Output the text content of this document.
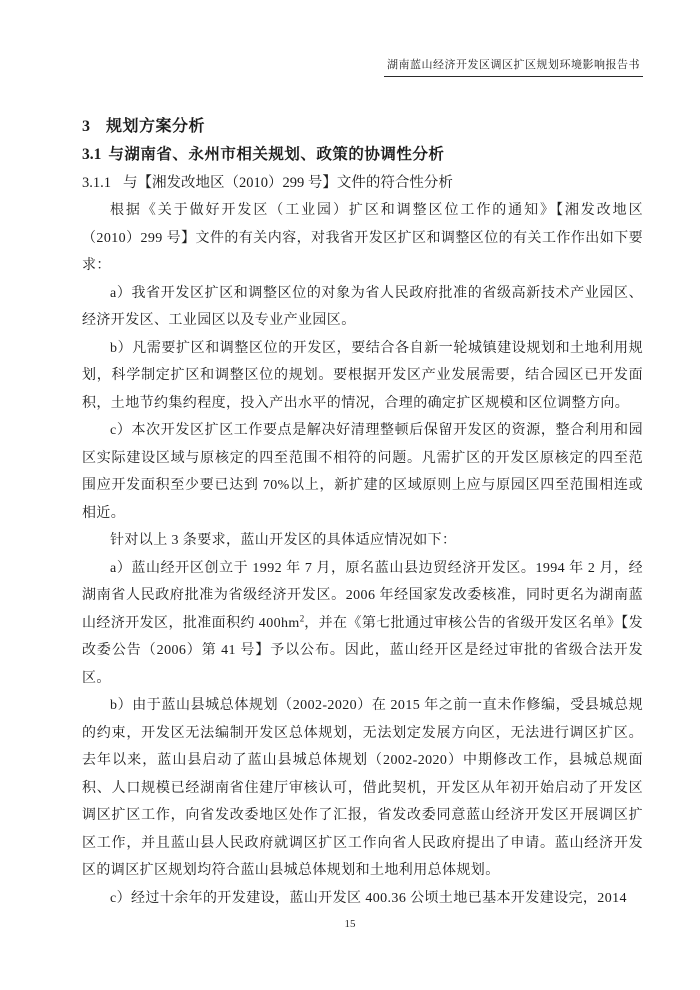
湖南蓝山经济开发区调区扩区规划环境影响报告书
3 规划方案分析
3.1 与湖南省、永州市相关规划、政策的协调性分析
3.1.1 与【湘发改地区（2010）299 号】文件的符合性分析

根据《关于做好开发区（工业园）扩区和调整区位工作的通知》【湘发改地区（2010）299 号】文件的有关内容，对我省开发区扩区和调整区位的有关工作作出如下要求：

a）我省开发区扩区和调整区位的对象为省人民政府批准的省级高新技术产业园区、经济开发区、工业园区以及专业产业园区。

b）凡需要扩区和调整区位的开发区，要结合各自新一轮城镇建设规划和土地利用规划，科学制定扩区和调整区位的规划。要根据开发区产业发展需要，结合园区已开发面积，土地节约集约程度，投入产出水平的情况，合理的确定扩区规模和区位调整方向。

c）本次开发区扩区工作要点是解决好清理整顿后保留开发区的资源，整合利用和园区实际建设区域与原核定的四至范围不相符的问题。凡需扩区的开发区原核定的四至范围应开发面积至少要已达到 70%以上，新扩建的区域原则上应与原园区四至范围相连或相近。

针对以上 3 条要求，蓝山开发区的具体适应情况如下：

a）蓝山经开区创立于 1992 年 7 月，原名蓝山县边贸经济开发区。1994 年 2 月，经湖南省人民政府批准为省级经济开发区。2006 年经国家发改委核准，同时更名为湖南蓝山经济开发区，批准面积约 $400hm^2$，并在《第七批通过审核公告的省级开发区名单》【发改委公告（2006）第 41 号】予以公布。因此，蓝山经开区是经过审批的省级合法开发区。

b）由于蓝山县城总体规划（2002-2020）在 2015 年之前一直未作修编，受县城总规的约束，开发区无法编制开发区总体规划，无法划定发展方向区，无法进行调区扩区。去年以来，蓝山县启动了蓝山县城总体规划（2002-2020）中期修改工作，县城总规面积、人口规模已经湖南省住建厅审核认可，借此契机，开发区从年初开始启动了开发区调区扩区工作，向省发改委地区处作了汇报，省发改委同意蓝山经济开发区开展调区扩区工作，并且蓝山县人民政府就调区扩区工作向省人民政府提出了申请。蓝山经济开发区的调区扩区规划均符合蓝山县城总体规划和土地利用总体规划。

c）经过十余年的开发建设，蓝山开发区 400.36 公顷土地已基本开发建设完，2014

15
